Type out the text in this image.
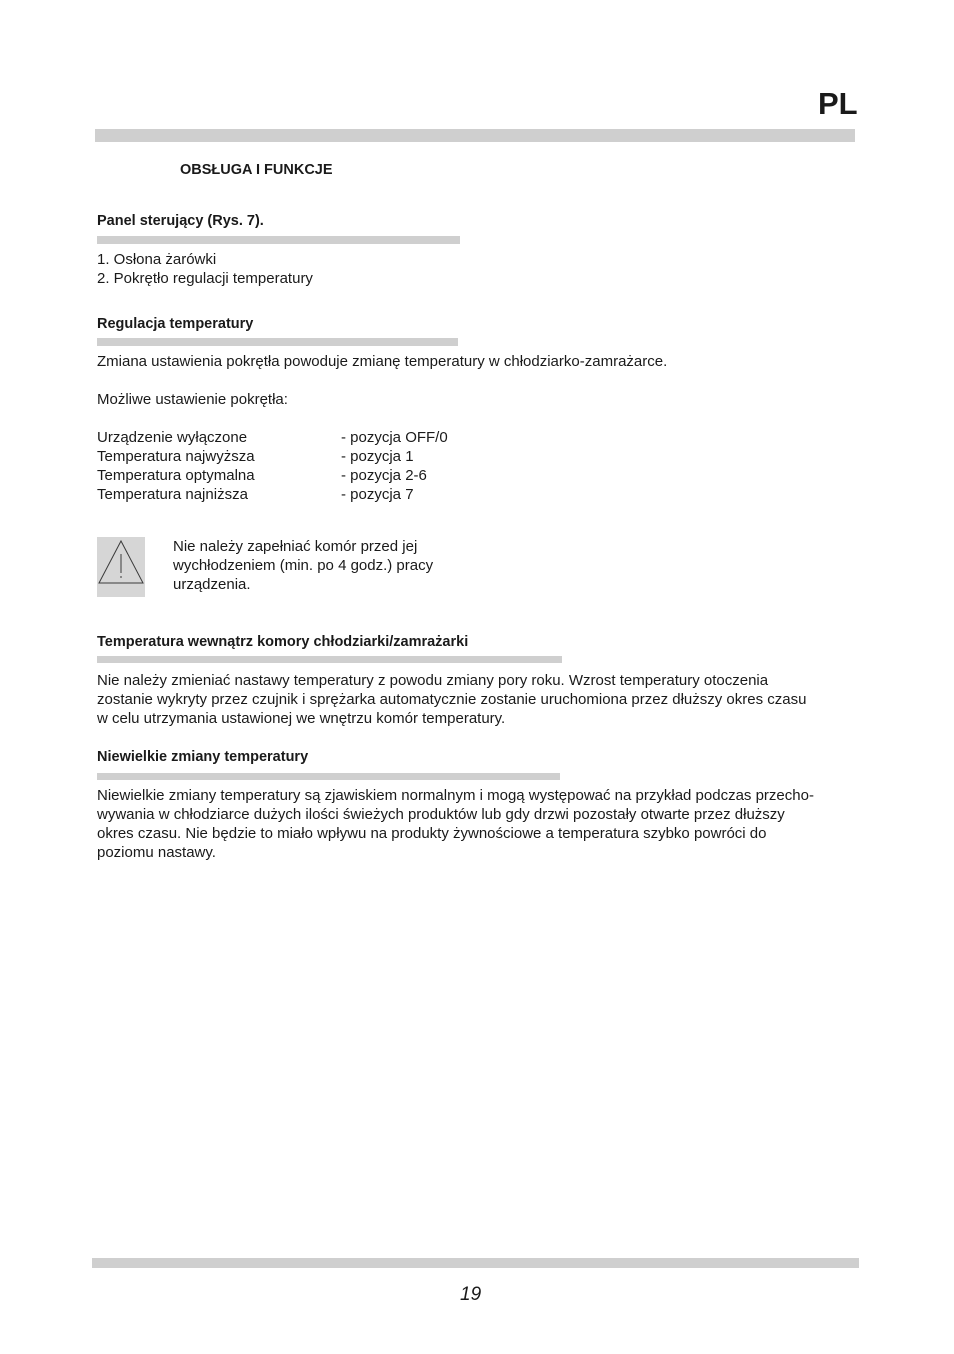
PL
OBSŁUGA I FUNKCJE
Panel sterujący (Rys. 7).
1. Osłona żarówki
2. Pokrętło regulacji temperatury
Regulacja temperatury
Zmiana ustawienia pokrętła powoduje zmianę temperatury w chłodziarko-zamrażarce.
Możliwe ustawienie pokrętła:
Urządzenie wyłączone	- pozycja OFF/0
Temperatura najwyższa	- pozycja 1
Temperatura optymalna	- pozycja 2-6
Temperatura najniższa	- pozycja 7
Nie należy zapełniać komór przed jej
wychłodzeniem (min. po 4 godz.) pracy
urządzenia.
Temperatura wewnątrz komory chłodziarki/zamrażarki
Nie należy zmieniać nastawy temperatury z powodu zmiany pory roku. Wzrost temperatury otoczenia
zostanie wykryty przez czujnik i sprężarka automatycznie zostanie uruchomiona przez dłuższy okres czasu
w celu utrzymania ustawionej we wnętrzu komór temperatury.
Niewielkie zmiany temperatury
Niewielkie zmiany temperatury są zjawiskiem normalnym i mogą występować na przykład podczas przecho-
wywania w chłodziarce dużych ilości świeżych produktów lub gdy drzwi pozostały otwarte przez dłuższy
okres czasu. Nie będzie to miało wpływu na produkty żywnościowe a temperatura szybko powróci do
poziomu nastawy.
19
